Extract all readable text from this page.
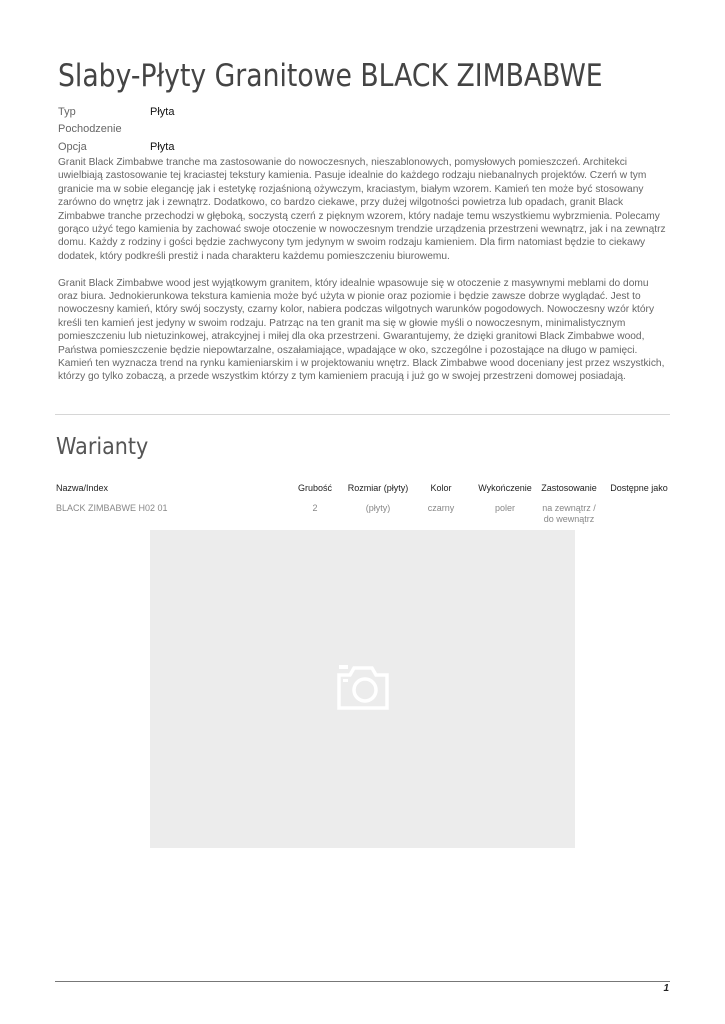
Slaby-Płyty Granitowe BLACK ZIMBABWE
Typ	Płyta
Pochodzenie
Opcja	Płyta

Granit Black Zimbabwe tranche ma zastosowanie do nowoczesnych, nieszablonowych, pomysłowych pomieszczeń. Architekci uwielbiają zastosowanie tej kraciastej tekstury kamienia. Pasuje idealnie do każdego rodzaju niebanalnych projektów. Czerń w tym granicie ma w sobie elegancję jak i estetykę rozjaśnioną ożywczym, kraciastym, białym wzorem. Kamień ten może być stosowany zarówno do wnętrz jak i zewnątrz. Dodatkowo, co bardzo ciekawe, przy dużej wilgotności powietrza lub opadach, granit Black Zimbabwe tranche przechodzi w głęboką, soczystą czerń z pięknym wzorem, który nadaje temu wszystkiemu wybrzmienia. Polecamy gorąco użyć tego kamienia by zachować swoje otoczenie w nowoczesnym trendzie urządzenia przestrzeni wewnątrz, jak i na zewnątrz domu. Każdy z rodziny i gości będzie zachwycony tym jedynym w swoim rodzaju kamieniem. Dla firm natomiast będzie to ciekawy dodatek, który podkreśli prestiż i nada charakteru każdemu pomieszczeniu biurowemu.

Granit Black Zimbabwe wood jest wyjątkowym granitem, który idealnie wpasowuje się w otoczenie z masywnymi meblami do domu oraz biura. Jednokierunkowa tekstura kamienia może być użyta w pionie oraz poziomie i będzie zawsze dobrze wyglądać. Jest to nowoczesny kamień, który swój soczysty, czarny kolor, nabiera podczas wilgotnych warunków pogodowych. Nowoczesny wzór który kreśli ten kamień jest jedyny w swoim rodzaju. Patrząc na ten granit ma się w głowie myśli o nowoczesnym, minimalistycznym pomieszczeniu lub nietuzinkowej, atrakcyjnej i miłej dla oka przestrzeni. Gwarantujemy, że dzięki granitowi Black Zimbabwe wood, Państwa pomieszczenie będzie niepowtarzalne, oszałamiające, wpadające w oko, szczególne i pozostające na długo w pamięci. Kamień ten wyznacza trend na rynku kamieniarskim i w projektowaniu wnętrz. Black Zimbabwe wood doceniany jest przez wszystkich, którzy go tylko zobaczą, a przede wszystkim którzy z tym kamieniem pracują i już go w swojej przestrzeni domowej posiadają.

Warianty
Nazwa/Index	Grubość	Rozmiar (płyty)	Kolor	Wykończenie	Zastosowanie	Dostępne jako
BLACK ZIMBABWE H02 01	2	(płyty)	czarny	poler	na zewnątrz / do wewnątrz
1
